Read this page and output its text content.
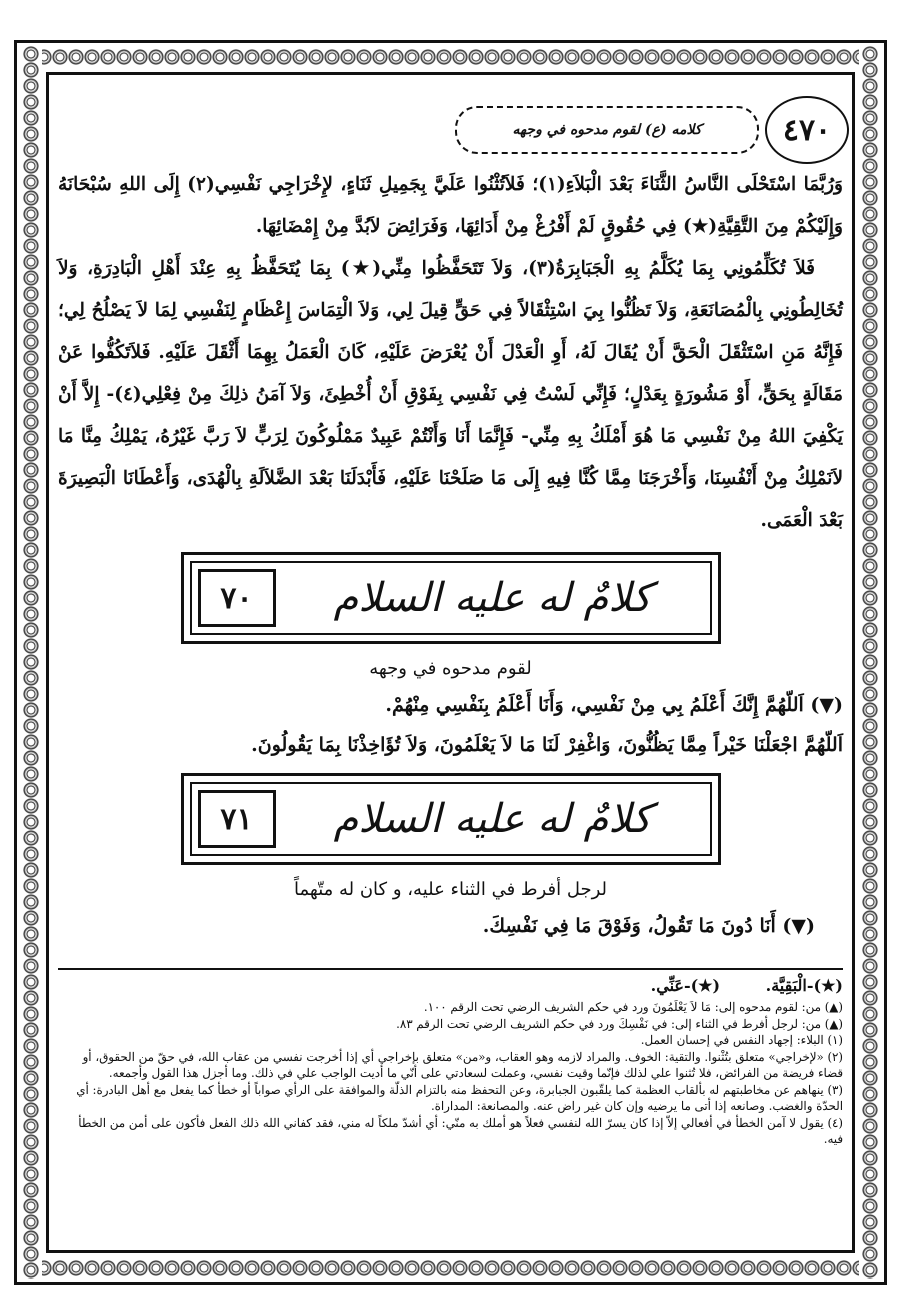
٤٧٠
كلامه (ع) لقوم مدحوه في وجهه

وَرُبَّمَا اسْتَحْلَى النَّاسُ الثَّنَاءَ بَعْدَ الْبَلاَءِ(١)؛ فَلاَتُثْنُوا عَلَيَّ بِجَمِيلِ ثَنَاءٍ، لإِخْرَاجِي نَفْسِي(٢) إِلَى اللهِ سُبْحَانَهُ وَإِلَيْكُمْ مِنَ التَّقِيَّةِ(★) فِي حُقُوقٍ لَمْ أَفْرُغْ مِنْ أَدَائِهَا، وَفَرَائِضَ لاَبُدَّ مِنْ إِمْضَائِهَا.

فَلاَ تُكَلِّمُونِي بِمَا يُكَلَّمُ بِهِ الْجَبَابِرَةُ(٣)، وَلاَ تَتَحَفَّظُوا مِنِّي(★) بِمَا يُتَحَفَّظُ بِهِ عِنْدَ أَهْلِ الْبَادِرَةِ، وَلاَ تُخَالِطُونِي بِالْمُصَانَعَةِ، وَلاَ تَظُنُّوا بِيَ اسْتِثْقَالاً فِي حَقٍّ قِيلَ لِي، وَلاَ الْتِمَاسَ إِعْظَامٍ لِنَفْسِي لِمَا لاَ يَصْلُحُ لِي؛ فَإِنَّهُ مَنِ اسْتَثْقَلَ الْحَقَّ أَنْ يُقَالَ لَهُ، أَوِ الْعَدْلَ أَنْ يُعْرَضَ عَلَيْهِ، كَانَ الْعَمَلُ بِهِمَا أَثْقَلَ عَلَيْهِ. فَلاَتَكُفُّوا عَنْ مَقَالَةٍ بِحَقٍّ، أَوْ مَشُورَةٍ بِعَدْلٍ؛ فَإِنِّي لَسْتُ فِي نَفْسِي بِفَوْقِ أَنْ أُخْطِئَ، وَلاَ آمَنُ ذلِكَ مِنْ فِعْلِي(٤)- إِلاَّ أَنْ يَكْفِيَ اللهُ مِنْ نَفْسِي مَا هُوَ أَمْلَكُ بِهِ مِنِّي- فَإِنَّمَا أَنَا وَأَنْتُمْ عَبِيدٌ مَمْلُوكُونَ لِرَبٍّ لاَ رَبَّ غَيْرُهُ، يَمْلِكُ مِنَّا مَا لاَنَمْلِكُ مِنْ أَنْفُسِنَا، وَأَخْرَجَنَا مِمَّا كُنَّا فِيهِ إِلَى مَا صَلَحْنَا عَلَيْهِ، فَأَبْدَلَنَا بَعْدَ الضَّلاَلَةِ بِالْهُدَى، وَأَعْطَانَا الْبَصِيرَةَ بَعْدَ الْعَمَى.

كلامٌ له عليه السلام
٧٠
لقوم مدحوه في وجهه

(▼) اَللّهُمَّ إِنَّكَ أَعْلَمُ بِي مِنْ نَفْسِي، وَأَنَا أَعْلَمُ بِنَفْسِي مِنْهُمْ.

اَللّهُمَّ اجْعَلْنَا خَيْراً مِمَّا يَظُنُّونَ، وَاغْفِرْ لَنَا مَا لاَ يَعْلَمُونَ، وَلاَ تُؤَاخِذْنَا بِمَا يَقُولُونَ.

كلامٌ له عليه السلام
٧١
لرجل أفرط في الثناء عليه، و كان له متّهماً

(▼) أَنَا دُونَ مَا تَقُولُ، وَفَوْقَ مَا فِي نَفْسِكَ.

(★)-الْبَقِيَّة. (★)-عَنِّي.

(▲) من: لقوم مدحوه إلى: مَا لاَ يَعْلَمُونَ ورد في حكم الشريف الرضي تحت الرقم ١٠٠.

(▲) من: لرجل أفرط في الثناء إلى: في نَفْسِكَ ورد في حكم الشريف الرضي تحت الرقم ٨٣.

(١) البلاء: إجهاد النفس في إحسان العمل.

(٢) «لإخراجي» متعلق بتُثْنوا. والتقية: الخوف. والمراد لازمه وهو العقاب، و«من» متعلق بإخراجي أي إذا أخرجت نفسي من عقاب الله، في حقّ من الحقوق، أو قضاء فريضة من الفرائض، فلا تُثنوا علي لذلك فإنّما وقيت نفسي، وعملت لسعادتي على أنّي ما أديت الواجب علي في ذلك. وما أجزل هذا القول وأجمعه.

(٣) ينهاهم عن مخاطبتهم له بألقاب العظمة كما يلقّبون الجبابرة، وعن التحفظ منه بالتزام الذلّة والموافقة على الرأي صواباً أو خطأ كما يفعل مع أهل البادرة: أي الحدّة والغضب. وصانعه إذا أتى ما يرضيه وإن كان غير راض عنه. والمصانعة: المداراة.

(٤) يقول لا آمن الخطأ في أفعالي إلاّ إذا كان يسرّ الله لنفسي فعلاً هو أملك به منّي: أي أشدّ ملكاً له مني، فقد كفاني الله ذلك الفعل فأكون على أمن من الخطأ فيه.
